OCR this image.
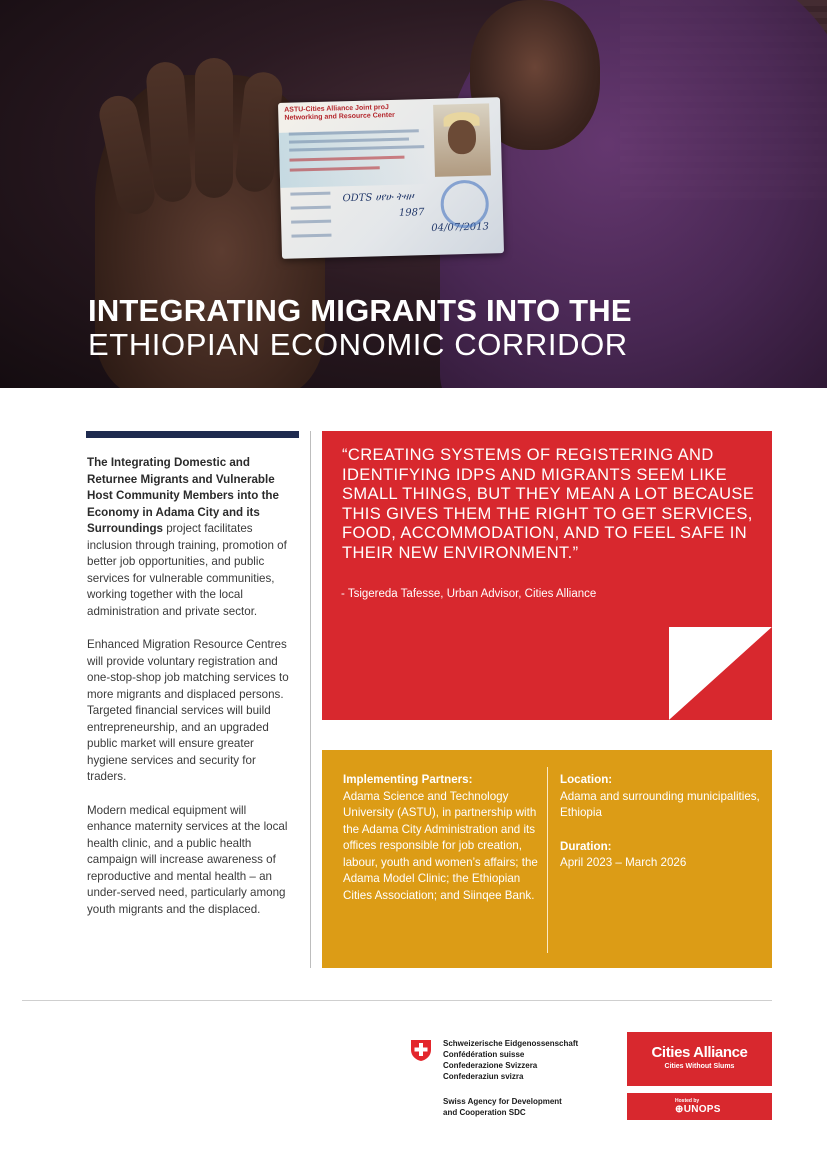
ASTU-Cities Alliance Joint proJ
Networking and Resource Center
ODTS ሀየሁ ትዛዞ
1987
04/07/2013
INTEGRATING MIGRANTS INTO THE
ETHIOPIAN ECONOMIC CORRIDOR

The Integrating Domestic and Returnee Migrants and Vulnerable Host Community Members into the Economy in Adama City and its Surroundings project facilitates inclusion through training, promotion of better job opportunities, and public services for vulnerable communities, working together with the local administration and private sector.

Enhanced Migration Resource Centres will provide voluntary registration and one-stop-shop job matching services to more migrants and displaced persons. Targeted financial services will build entrepreneurship, and an upgraded public market will ensure greater hygiene services and security for traders.

Modern medical equipment will enhance maternity services at the local health clinic, and a public health campaign will increase awareness of reproductive and mental health – an under-served need, particularly among youth migrants and the displaced.

“CREATING SYSTEMS OF REGISTERING AND IDENTIFYING IDPS AND MIGRANTS SEEM LIKE SMALL THINGS, BUT THEY MEAN A LOT BECAUSE THIS GIVES THEM THE RIGHT TO GET SERVICES, FOOD, ACCOMMODATION, AND TO FEEL SAFE IN THEIR NEW ENVIRONMENT.”

- Tsigereda Tafesse, Urban Advisor, Cities Alliance

Implementing Partners:
Adama Science and Technology University (ASTU), in partnership with the Adama City Administration and its offices responsible for job creation, labour, youth and women’s affairs; the Adama Model Clinic; the Ethiopian Cities Association; and Siinqee Bank.
Location:
Adama and surrounding municipalities, Ethiopia
Duration:
April 2023 – March 2026
Schweizerische Eidgenossenschaft
Confédération suisse
Confederazione Svizzera
Confederaziun svizra
Swiss Agency for Development
and Cooperation SDC
Cities Alliance
Cities Without Slums
Hosted by
⊕UNOPS
